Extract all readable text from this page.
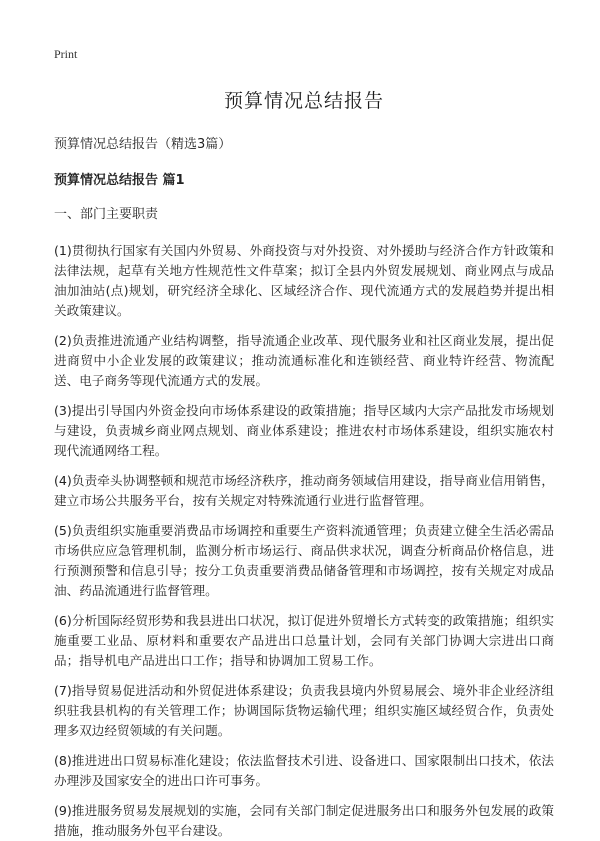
Print
预算情况总结报告
预算情况总结报告（精选3篇）
预算情况总结报告 篇1
一、部门主要职责

(1)贯彻执行国家有关国内外贸易、外商投资与对外投资、对外援助与经济合作方针政策和法律法规，起草有关地方性规范性文件草案；拟订全县内外贸发展规划、商业网点与成品油加油站(点)规划，研究经济全球化、区域经济合作、现代流通方式的发展趋势并提出相关政策建议。

(2)负责推进流通产业结构调整，指导流通企业改革、现代服务业和社区商业发展，提出促进商贸中小企业发展的政策建议；推动流通标准化和连锁经营、商业特许经营、物流配送、电子商务等现代流通方式的发展。

(3)提出引导国内外资金投向市场体系建设的政策措施；指导区域内大宗产品批发市场规划与建设，负责城乡商业网点规划、商业体系建设；推进农村市场体系建设，组织实施农村现代流通网络工程。

(4)负责牵头协调整顿和规范市场经济秩序，推动商务领域信用建设，指导商业信用销售，建立市场公共服务平台，按有关规定对特殊流通行业进行监督管理。

(5)负责组织实施重要消费品市场调控和重要生产资料流通管理；负责建立健全生活必需品市场供应应急管理机制，监测分析市场运行、商品供求状况，调查分析商品价格信息，进行预测预警和信息引导；按分工负责重要消费品储备管理和市场调控，按有关规定对成品油、药品流通进行监督管理。

(6)分析国际经贸形势和我县进出口状况，拟订促进外贸增长方式转变的政策措施；组织实施重要工业品、原材料和重要农产品进出口总量计划，会同有关部门协调大宗进出口商品；指导机电产品进出口工作；指导和协调加工贸易工作。

(7)指导贸易促进活动和外贸促进体系建设；负责我县境内外贸易展会、境外非企业经济组织驻我县机构的有关管理工作；协调国际货物运输代理；组织实施区域经贸合作，负责处理多双边经贸领域的有关问题。

(8)推进进出口贸易标准化建设；依法监督技术引进、设备进口、国家限制出口技术，依法办理涉及国家安全的进出口许可事务。

(9)推进服务贸易发展规划的实施，会同有关部门制定促进服务出口和服务外包发展的政策措施，推动服务外包平台建设。
